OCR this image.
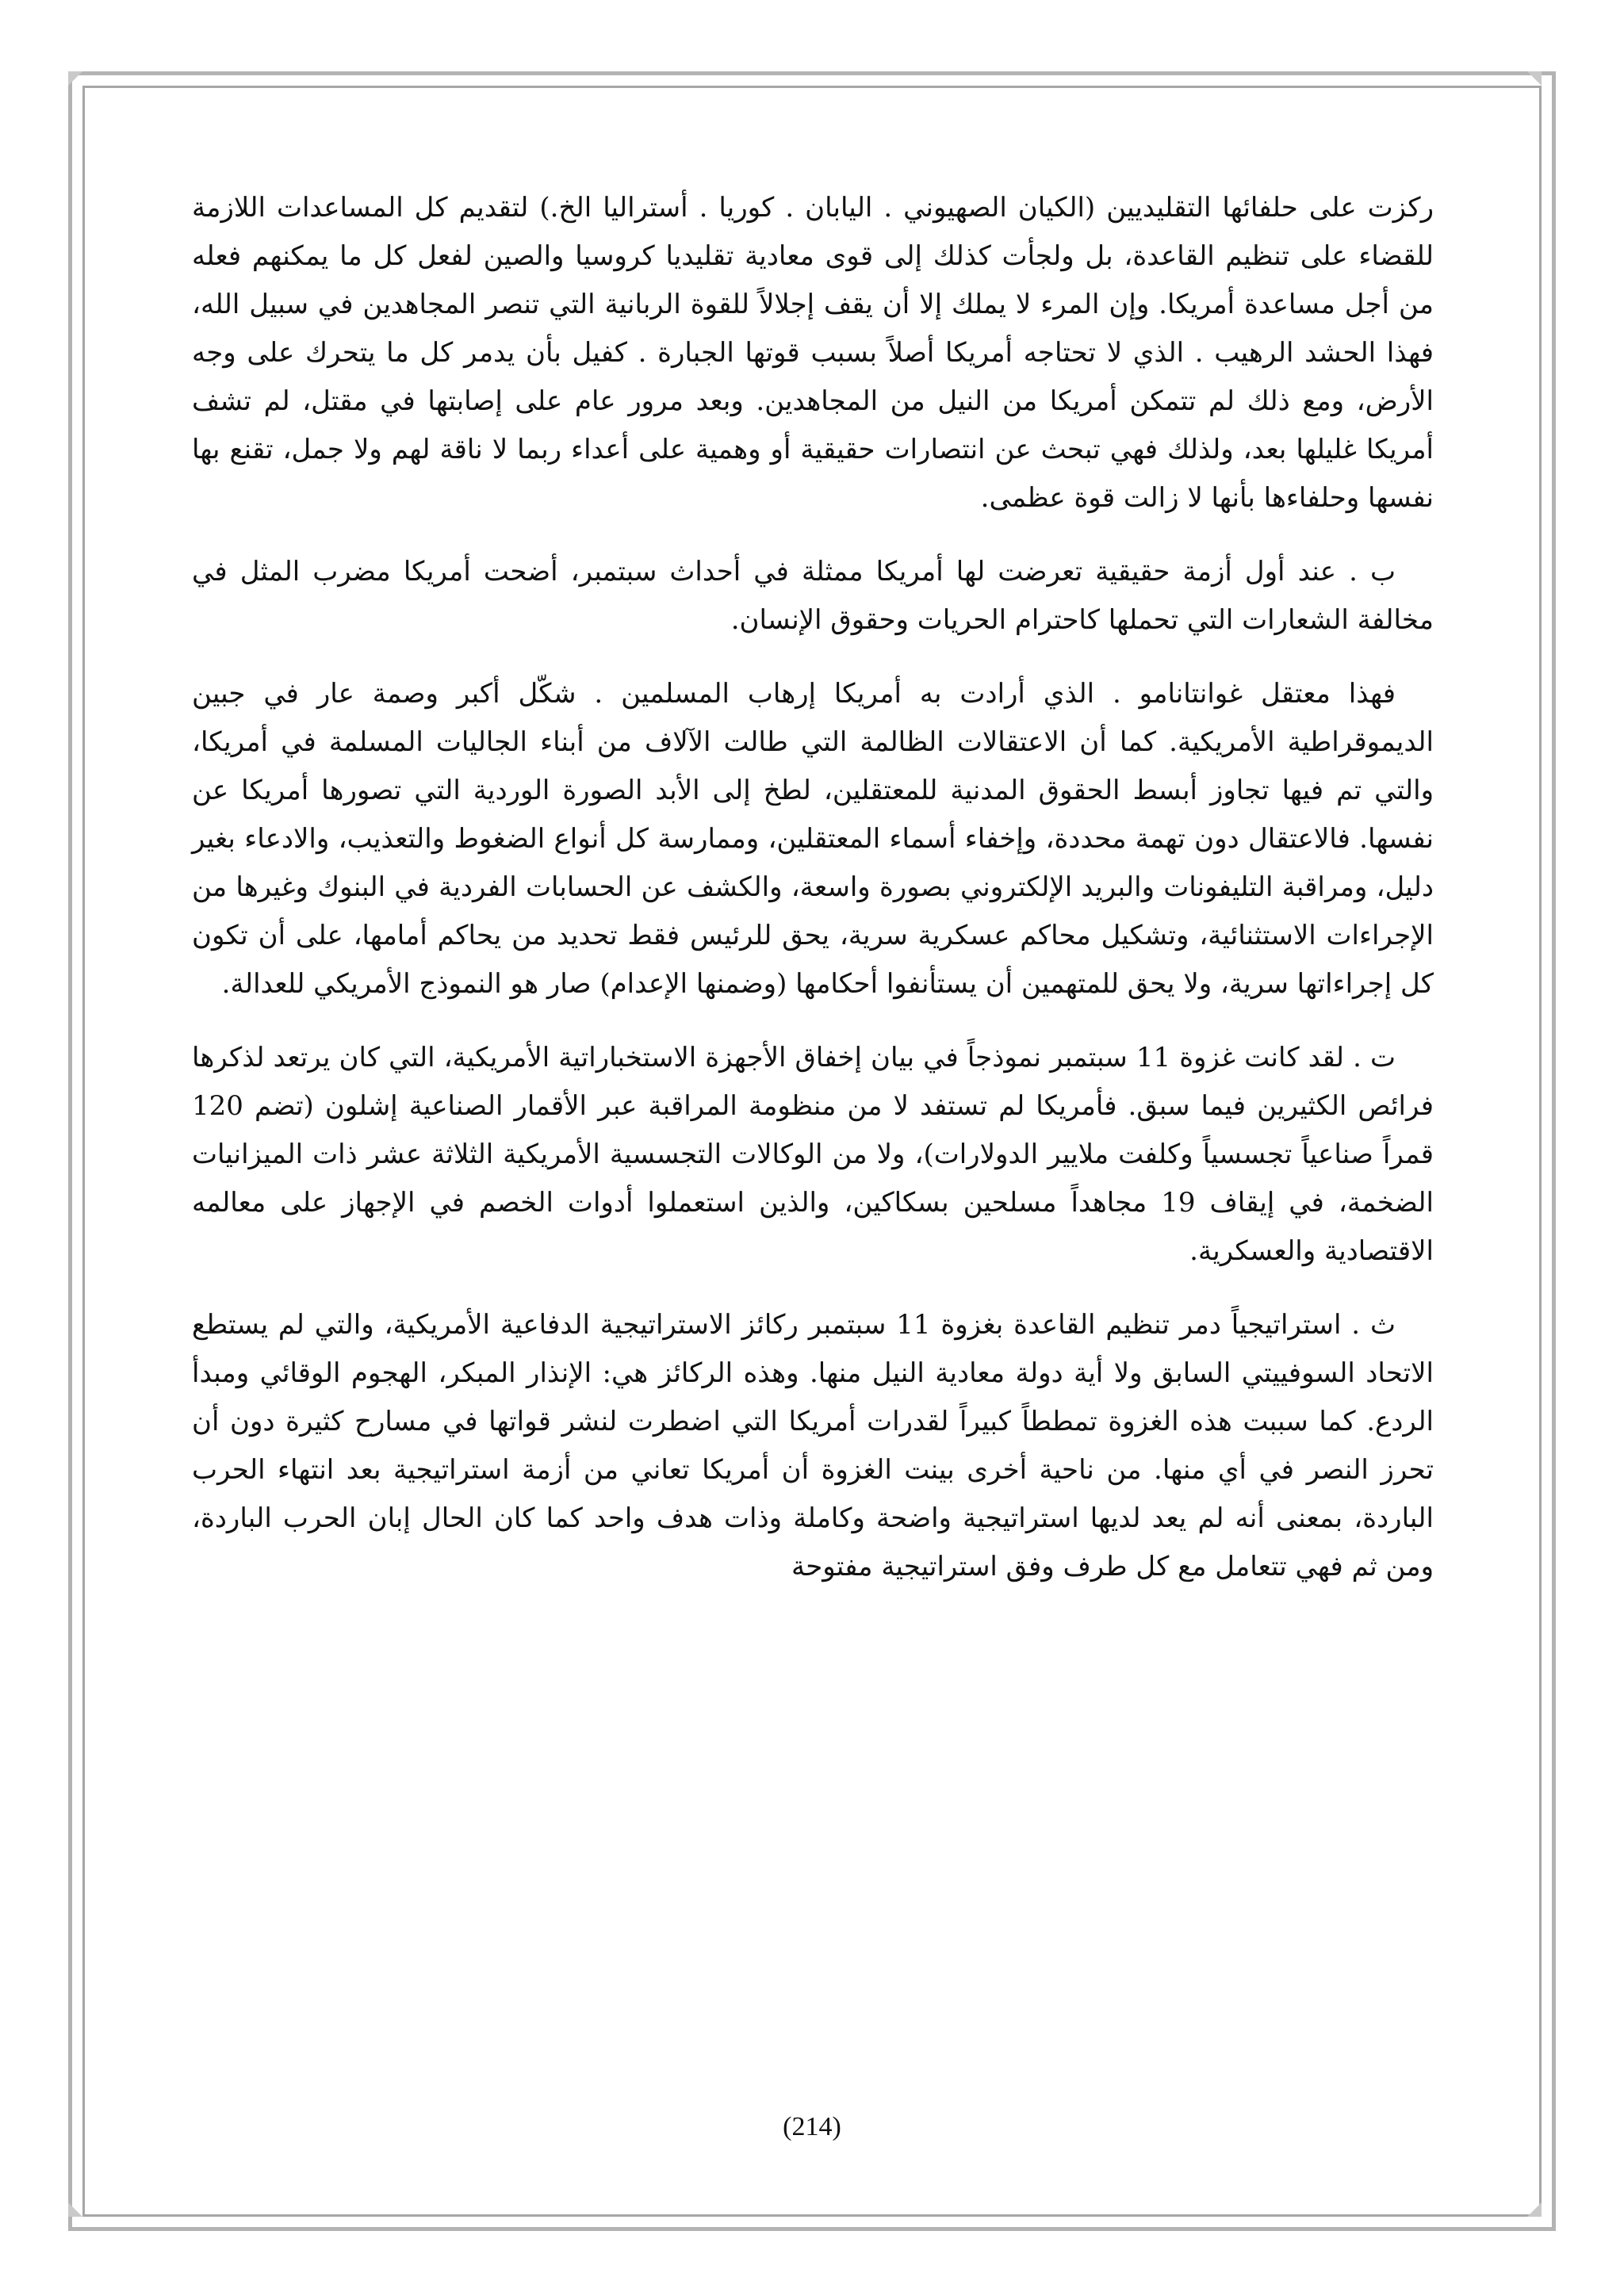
ركزت على حلفائها التقليديين (الكيان الصهيوني . اليابان . كوريا . أستراليا الخ.) لتقديم كل المساعدات اللازمة للقضاء على تنظيم القاعدة، بل ولجأت كذلك إلى قوى معادية تقليديا كروسيا والصين لفعل كل ما يمكنهم فعله من أجل مساعدة أمريكا. وإن المرء لا يملك إلا أن يقف إجلالاً للقوة الربانية التي تنصر المجاهدين في سبيل الله، فهذا الحشد الرهيب . الذي لا تحتاجه أمريكا أصلاً بسبب قوتها الجبارة . كفيل بأن يدمر كل ما يتحرك على وجه الأرض، ومع ذلك لم تتمكن أمريكا من النيل من المجاهدين. وبعد مرور عام على إصابتها في مقتل، لم تشف أمريكا غليلها بعد، ولذلك فهي تبحث عن انتصارات حقيقية أو وهمية على أعداء ربما لا ناقة لهم ولا جمل، تقنع بها نفسها وحلفاءها بأنها لا زالت قوة عظمى.

ب . عند أول أزمة حقيقية تعرضت لها أمريكا ممثلة في أحداث سبتمبر، أضحت أمريكا مضرب المثل في مخالفة الشعارات التي تحملها كاحترام الحريات وحقوق الإنسان.

فهذا معتقل غوانتانامو . الذي أرادت به أمريكا إرهاب المسلمين . شكّل أكبر وصمة عار في جبين الديموقراطية الأمريكية. كما أن الاعتقالات الظالمة التي طالت الآلاف من أبناء الجاليات المسلمة في أمريكا، والتي تم فيها تجاوز أبسط الحقوق المدنية للمعتقلين، لطخ إلى الأبد الصورة الوردية التي تصورها أمريكا عن نفسها. فالاعتقال دون تهمة محددة، وإخفاء أسماء المعتقلين، وممارسة كل أنواع الضغوط والتعذيب، والادعاء بغير دليل، ومراقبة التليفونات والبريد الإلكتروني بصورة واسعة، والكشف عن الحسابات الفردية في البنوك وغيرها من الإجراءات الاستثنائية، وتشكيل محاكم عسكرية سرية، يحق للرئيس فقط تحديد من يحاكم أمامها، على أن تكون كل إجراءاتها سرية، ولا يحق للمتهمين أن يستأنفوا أحكامها (وضمنها الإعدام) صار هو النموذج الأمريكي للعدالة.

ت . لقد كانت غزوة 11 سبتمبر نموذجاً في بيان إخفاق الأجهزة الاستخباراتية الأمريكية، التي كان يرتعد لذكرها فرائص الكثيرين فيما سبق. فأمريكا لم تستفد لا من منظومة المراقبة عبر الأقمار الصناعية إشلون (تضم 120 قمراً صناعياً تجسسياً وكلفت ملايير الدولارات)، ولا من الوكالات التجسسية الأمريكية الثلاثة عشر ذات الميزانيات الضخمة، في إيقاف 19 مجاهداً مسلحين بسكاكين، والذين استعملوا أدوات الخصم في الإجهاز على معالمه الاقتصادية والعسكرية.

ث . استراتيجياً دمر تنظيم القاعدة بغزوة 11 سبتمبر ركائز الاستراتيجية الدفاعية الأمريكية، والتي لم يستطع الاتحاد السوفييتي السابق ولا أية دولة معادية النيل منها. وهذه الركائز هي: الإنذار المبكر، الهجوم الوقائي ومبدأ الردع. كما سببت هذه الغزوة تمططاً كبيراً لقدرات أمريكا التي اضطرت لنشر قواتها في مسارح كثيرة دون أن تحرز النصر في أي منها. من ناحية أخرى بينت الغزوة أن أمريكا تعاني من أزمة استراتيجية بعد انتهاء الحرب الباردة، بمعنى أنه لم يعد لديها استراتيجية واضحة وكاملة وذات هدف واحد كما كان الحال إبان الحرب الباردة، ومن ثم فهي تتعامل مع كل طرف وفق استراتيجية مفتوحة

(214)
